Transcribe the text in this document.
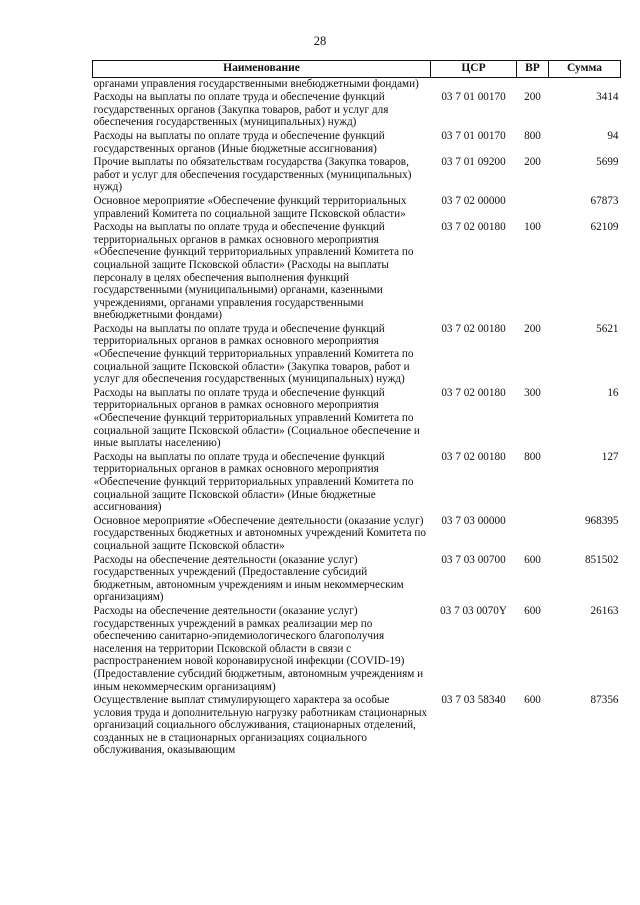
28
Наименование	ЦСР	ВР	Сумма
органами управления государственными внебюджетными фондами)			
Расходы на выплаты по оплате труда и обеспечение функций государственных органов (Закупка товаров, работ и услуг для обеспечения государственных (муниципальных) нужд)	03 7 01 00170	200	3414
Расходы на выплаты по оплате труда и обеспечение функций государственных органов (Иные бюджетные ассигнования)	03 7 01 00170	800	94
Прочие выплаты по обязательствам государства (Закупка товаров, работ и услуг для обеспечения государственных (муниципальных) нужд)	03 7 01 09200	200	5699
Основное мероприятие «Обеспечение функций территориальных управлений Комитета по социальной защите Псковской области»	03 7 02 00000		67873
Расходы на выплаты по оплате труда и обеспечение функций территориальных органов в рамках основного мероприятия «Обеспечение функций территориальных управлений Комитета по социальной защите Псковской области» (Расходы на выплаты персоналу в целях обеспечения выполнения функций государственными (муниципальными) органами, казенными учреждениями, органами управления государственными внебюджетными фондами)	03 7 02 00180	100	62109
Расходы на выплаты по оплате труда и обеспечение функций территориальных органов в рамках основного мероприятия «Обеспечение функций территориальных управлений Комитета по социальной защите Псковской области» (Закупка товаров, работ и услуг для обеспечения государственных (муниципальных) нужд)	03 7 02 00180	200	5621
Расходы на выплаты по оплате труда и обеспечение функций территориальных органов в рамках основного мероприятия «Обеспечение функций территориальных управлений Комитета по социальной защите Псковской области» (Социальное обеспечение и иные выплаты населению)	03 7 02 00180	300	16
Расходы на выплаты по оплате труда и обеспечение функций территориальных органов в рамках основного мероприятия «Обеспечение функций территориальных управлений Комитета по социальной защите Псковской области» (Иные бюджетные ассигнования)	03 7 02 00180	800	127
Основное мероприятие «Обеспечение деятельности (оказание услуг) государственных бюджетных и автономных учреждений Комитета по социальной защите Псковской области»	03 7 03 00000		968395
Расходы на обеспечение деятельности (оказание услуг) государственных учреждений (Предоставление субсидий бюджетным, автономным учреждениям и иным некоммерческим организациям)	03 7 03 00700	600	851502
Расходы на обеспечение деятельности (оказание услуг) государственных учреждений в рамках реализации мер по обеспечению санитарно-эпидемиологического благополучия населения на территории Псковской области в связи с распространением новой коронавирусной инфекции (COVID-19) (Предоставление субсидий бюджетным, автономным учреждениям и иным некоммерческим организациям)	03 7 03 0070Y	600	26163
Осуществление выплат стимулирующего характера за особые условия труда и дополнительную нагрузку работникам стационарных организаций социального обслуживания, стационарных отделений, созданных не в стационарных организациях социального обслуживания, оказывающим	03 7 03 58340	600	87356
